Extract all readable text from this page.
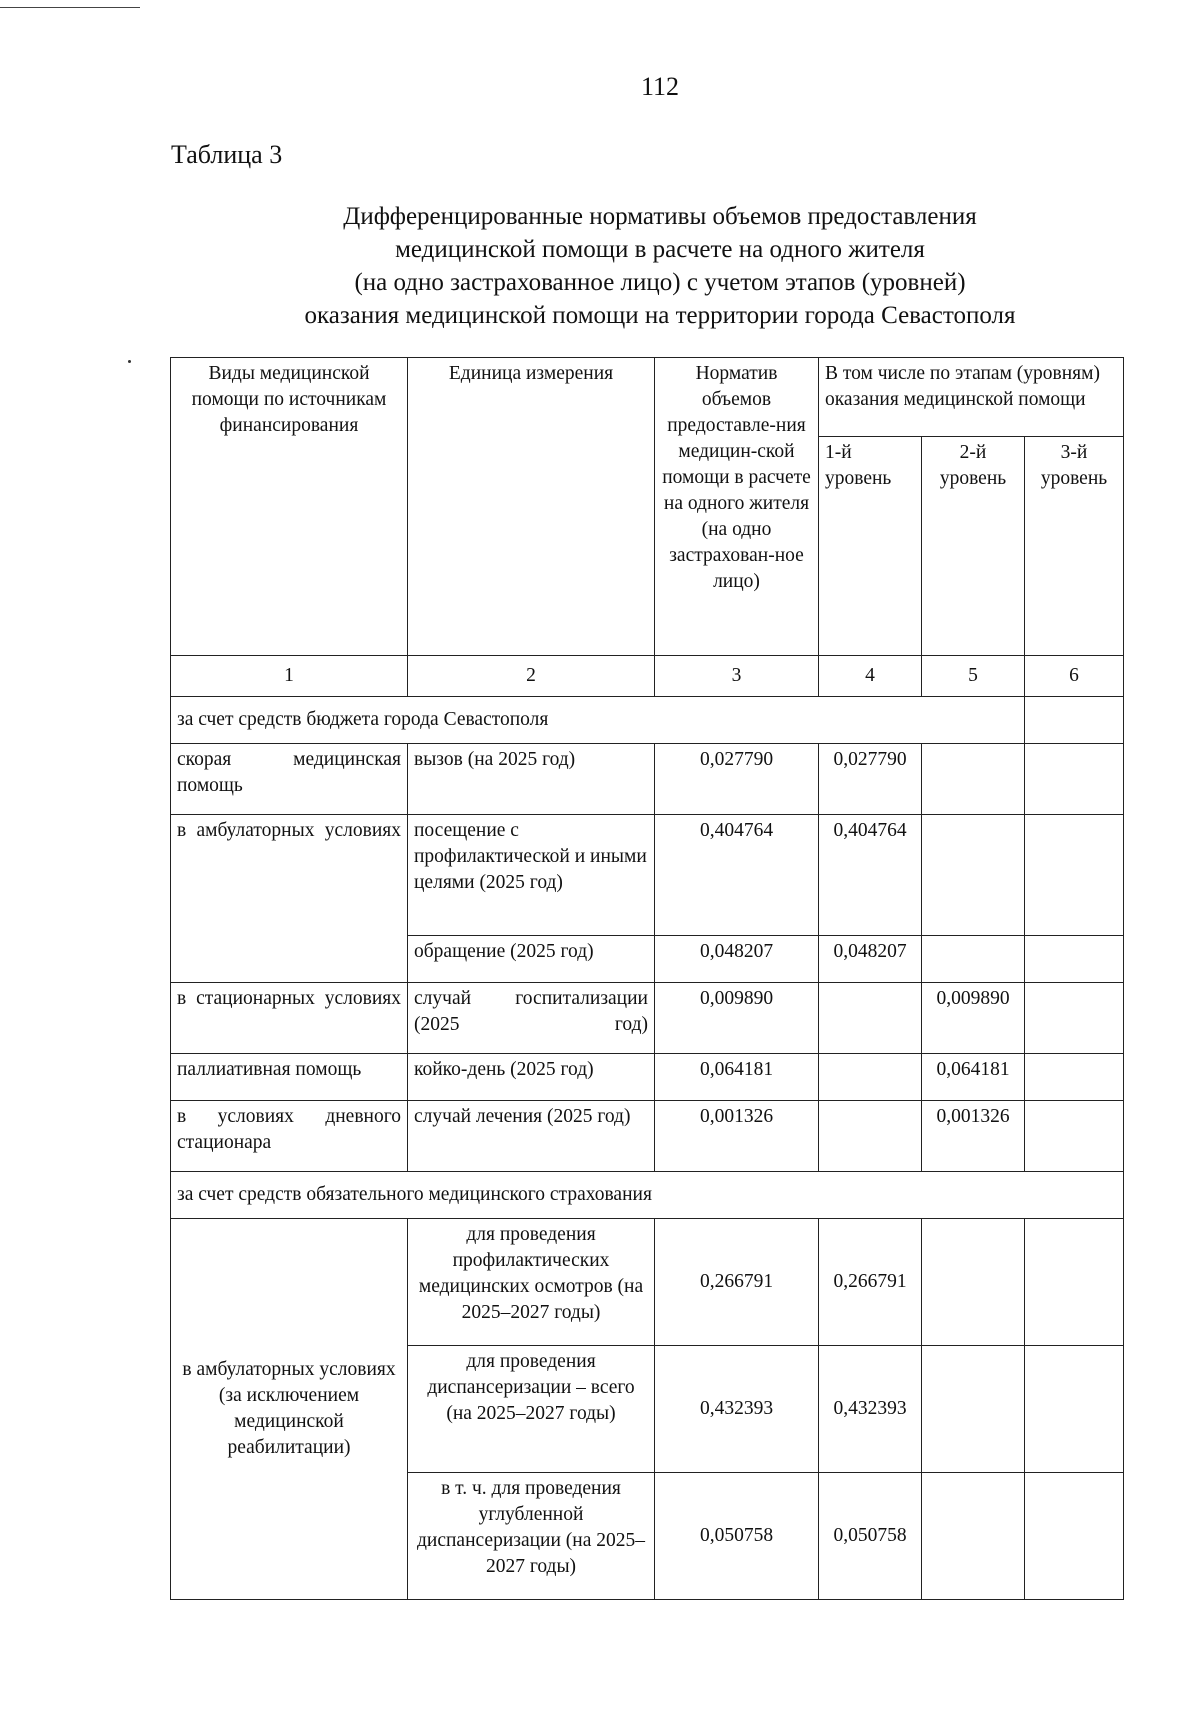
112
Таблица 3
Дифференцированные нормативы объемов предоставления
медицинской помощи в расчете на одного жителя
(на одно застрахованное лицо) с учетом этапов (уровней)
оказания медицинской помощи на территории города Севастополя
Виды медицинской помощи по источникам финансирования	Единица измерения	Норматив объемов предоставле-ния медицин-ской помощи в расчете на одного жителя (на одно застрахован-ное лицо)	В том числе по этапам (уровням) оказания медицинской помощи		
			1-й уровень	2-й уровень	3-й уровень
1	2	3	4	5	6
за счет средств бюджета города Севастополя					
скорая медицинская помощь	вызов (на 2025 год)	0,027790	0,027790		
в амбулаторных условиях	посещение с профилактической и иными целями (2025 год)	0,404764	0,404764		
	обращение (2025 год)	0,048207	0,048207		
в стационарных условиях	случай госпитализации (2025 год)	0,009890		0,009890	
паллиативная помощь	койко-день (2025 год)	0,064181		0,064181	
в условиях дневного стационара	случай лечения (2025 год)	0,001326		0,001326	
за счет средств обязательного медицинского страхования					
в амбулаторных условиях (за исключением медицинской реабилитации)	для проведения профилактических медицинских осмотров (на 2025–2027 годы)	0,266791	0,266791		
	для проведения диспансеризации – всего (на 2025–2027 годы)	0,432393	0,432393		
	в т. ч. для проведения углубленной диспансеризации (на 2025–2027 годы)	0,050758	0,050758		
